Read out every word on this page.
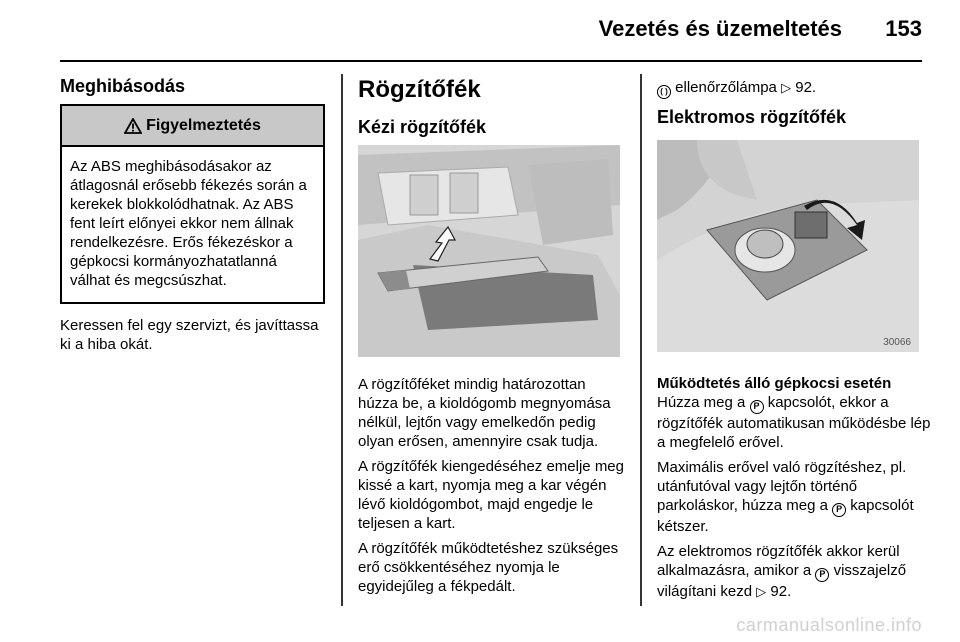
Vezetés és üzemeltetés 153
Meghibásodás
Figyelmeztetés
Az ABS meghibásodásakor az átlagosnál erősebb fékezés során a kerekek blokkolódhatnak. Az ABS fent leírt előnyei ekkor nem állnak rendelkezésre. Erős fékezéskor a gépkocsi kormányozhatatlanná válhat és megcsúszhat.
Keressen fel egy szervizt, és javíttassa ki a hiba okát.
Rögzítőfék
Kézi rögzítőfék

A rögzítőféket mindig határozottan húzza be, a kioldógomb megnyomása nélkül, lejtőn vagy emelkedőn pedig olyan erősen, amennyire csak tudja.

A rögzítőfék kiengedéséhez emelje meg kissé a kart, nyomja meg a kar végén lévő kioldógombot, majd engedje le teljesen a kart.

A rögzítőfék működtetéshez szükséges erő csökkentéséhez nyomja le egyidejűleg a fékpedált.

( ) ellenőrzőlámpa ▷ 92.
Elektromos rögzítőfék
30066

Működtetés álló gépkocsi esetén

Húzza meg a P kapcsolót, ekkor a rögzítőfék automatikusan működésbe lép a megfelelő erővel.

Maximális erővel való rögzítéshez, pl. utánfutóval vagy lejtőn történő parkoláskor, húzza meg a P kapcsolót kétszer.

Az elektromos rögzítőfék akkor kerül alkalmazásra, amikor a P visszajelző világítani kezd ▷ 92.

carmanualsonline.info
